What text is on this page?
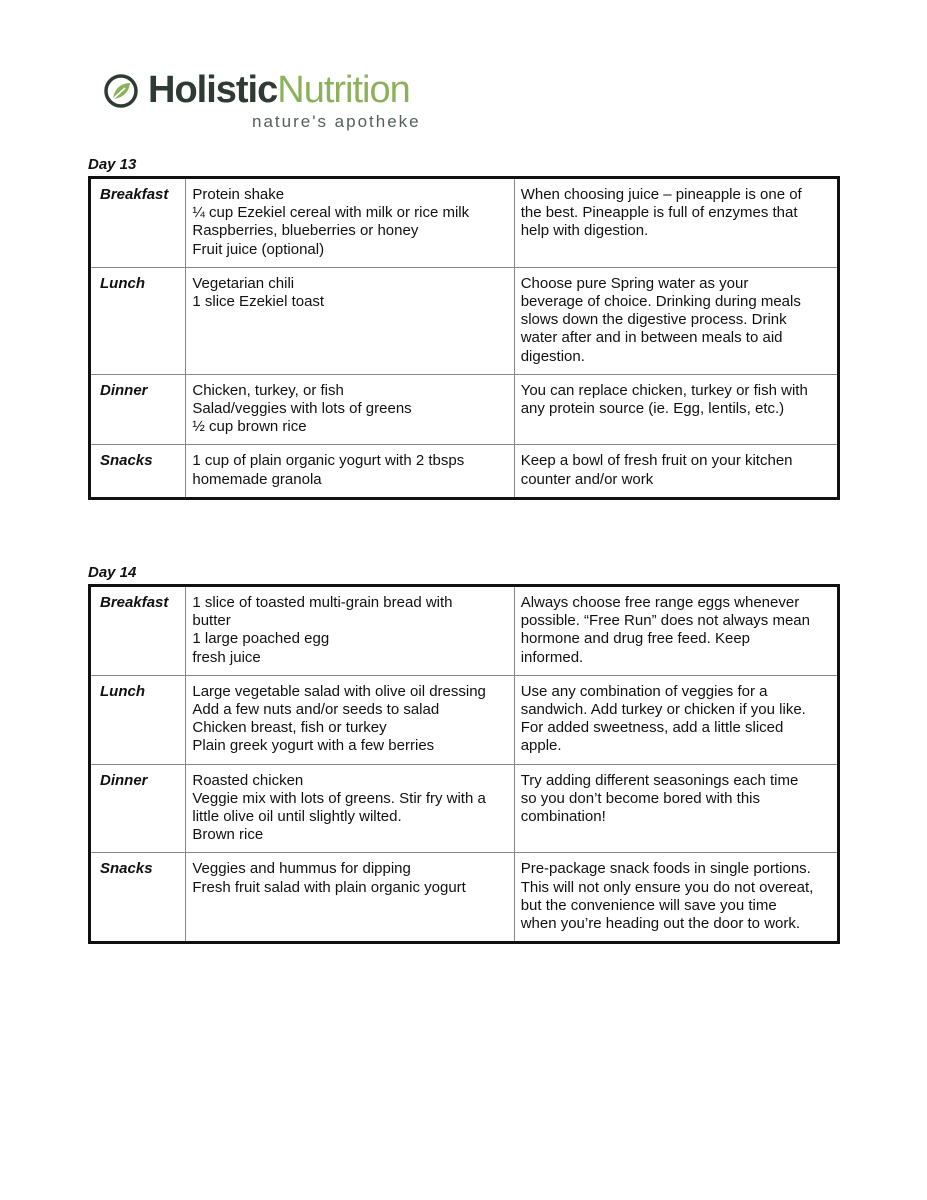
HolisticNutrition
nature's apotheke
Day 13
Breakfast	Protein shake
¼ cup Ezekiel cereal with milk or rice milk
Raspberries, blueberries or honey
Fruit juice (optional)	When choosing juice – pineapple is one of
the best. Pineapple is full of enzymes that
help with digestion.

Lunch	Vegetarian chili
1 slice Ezekiel toast	Choose pure Spring water as your
beverage of choice. Drinking during meals
slows down the digestive process. Drink
water after and in between meals to aid
digestion.

Dinner	Chicken, turkey, or fish
Salad/veggies with lots of greens
½ cup brown rice	You can replace chicken, turkey or fish with
any protein source (ie. Egg, lentils, etc.)

Snacks	1 cup of plain organic yogurt with 2 tbsps
homemade granola	Keep a bowl of fresh fruit on your kitchen
counter and/or work
Day 14
Breakfast	1 slice of toasted multi-grain bread with
butter
1 large poached egg
fresh juice	Always choose free range eggs whenever
possible. “Free Run” does not always mean
hormone and drug free feed. Keep
informed.

Lunch	Large vegetable salad with olive oil dressing
Add a few nuts and/or seeds to salad
Chicken breast, fish or turkey
Plain greek yogurt with a few berries	Use any combination of veggies for a
sandwich. Add turkey or chicken if you like.
For added sweetness, add a little sliced
apple.

Dinner	Roasted chicken
Veggie mix with lots of greens. Stir fry with a
little olive oil until slightly wilted.
Brown rice	Try adding different seasonings each time
so you don’t become bored with this
combination!

Snacks	Veggies and hummus for dipping
Fresh fruit salad with plain organic yogurt	Pre-package snack foods in single portions.
This will not only ensure you do not overeat,
but the convenience will save you time
when you’re heading out the door to work.
